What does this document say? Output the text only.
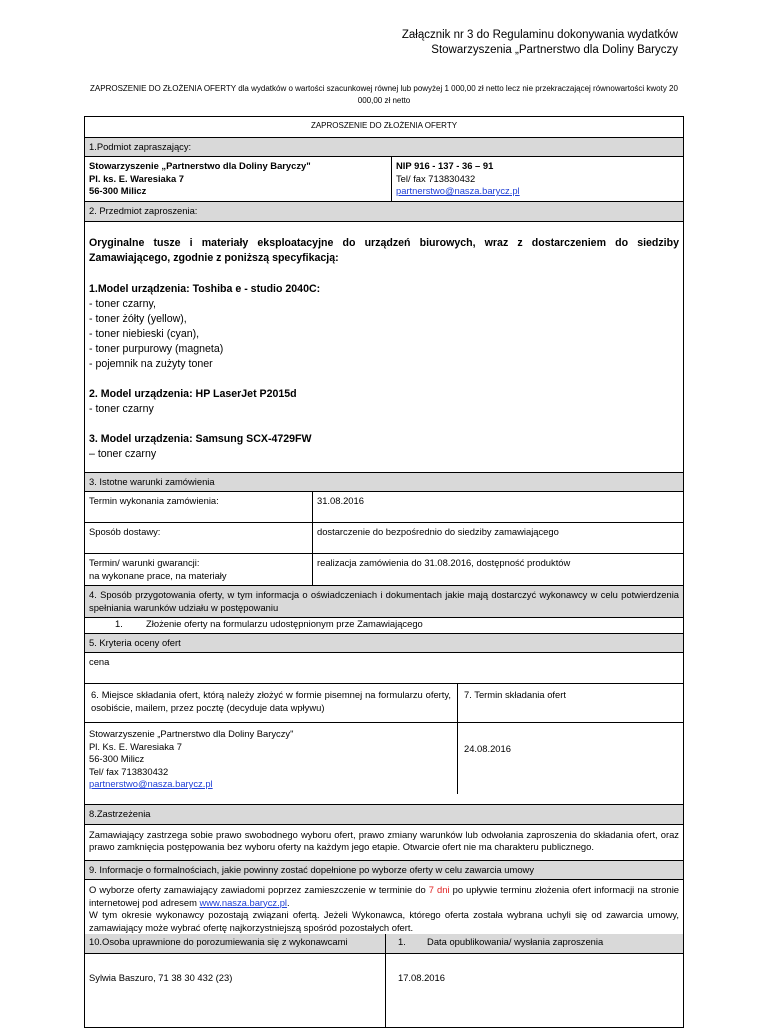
Załącznik nr 3 do Regulaminu dokonywania wydatków
Stowarzyszenia „Partnerstwo dla Doliny Baryczy
ZAPROSZENIE DO ZŁOŻENIA OFERTY dla wydatków o wartości szacunkowej równej lub powyżej 1 000,00 zł netto lecz nie przekraczającej równowartości kwoty 20 000,00 zł netto
ZAPROSZENIE DO ZŁOŻENIA OFERTY
1.Podmiot zapraszający:
Stowarzyszenie „Partnerstwo dla Doliny Baryczy"
Pl. ks. E. Waresiaka 7
56-300 Milicz
NIP 916 - 137 - 36 – 91
Tel/ fax 713830432
partnerstwo@nasza.barycz.pl
2. Przedmiot zaproszenia:
Oryginalne tusze i materiały eksploatacyjne do urządzeń biurowych, wraz z dostarczeniem do siedziby Zamawiającego, zgodnie z poniższą specyfikacją:
1.Model urządzenia: Toshiba e - studio 2040C:
- toner czarny,
- toner żółty (yellow),
- toner niebieski (cyan),
- toner purpurowy (magneta)
- pojemnik na zużyty toner
2. Model urządzenia: HP LaserJet P2015d
- toner czarny
3. Model urządzenia: Samsung SCX-4729FW
– toner czarny
3. Istotne warunki zamówienia
Termin wykonania zamówienia:	31.08.2016
Sposób dostawy:	dostarczenie do bezpośrednio do siedziby zamawiającego
Termin/ warunki gwarancji:
na wykonane prace, na materiały
realizacja zamówienia do 31.08.2016, dostępność produktów
4. Sposób przygotowania oferty, w tym informacja o oświadczeniach i dokumentach jakie mają dostarczyć wykonawcy w celu potwierdzenia spełniania warunków udziału w postępowaniu
1. Złożenie oferty na formularzu udostępnionym prze Zamawiającego
5. Kryteria oceny ofert
cena
6. Miejsce składania ofert, którą należy złożyć w formie pisemnej na formularzu oferty, osobiście, mailem, przez pocztę (decyduje data wpływu)
Stowarzyszenie „Partnerstwo dla Doliny Baryczy"
Pl. Ks. E. Waresiaka 7
56-300 Milicz
Tel/ fax 713830432
partnerstwo@nasza.barycz.pl
7. Termin składania ofert
24.08.2016
8.Zastrzeżenia
Zamawiający zastrzega sobie prawo swobodnego wyboru ofert, prawo zmiany warunków lub odwołania zaproszenia do składania ofert, oraz prawo zamknięcia postępowania bez wyboru oferty na każdym jego etapie. Otwarcie ofert nie ma charakteru publicznego.
9. Informacje o formalnościach, jakie powinny zostać dopełnione po wyborze oferty w celu zawarcia umowy
O wyborze oferty zamawiający zawiadomi poprzez zamieszczenie w terminie do 7 dni po upływie terminu złożenia ofert informacji na stronie internetowej pod adresem www.nasza.barycz.pl.
W tym okresie wykonawcy pozostają związani ofertą. Jeżeli Wykonawca, którego oferta została wybrana uchyli się od zawarcia umowy, zamawiający może wybrać ofertę najkorzystniejszą spośród pozostałych ofert.
10.Osoba uprawnione do porozumiewania się z wykonawcami
Sylwia Baszuro, 71 38 30 432 (23)
1. Data opublikowania/ wysłania zaproszenia
17.08.2016
